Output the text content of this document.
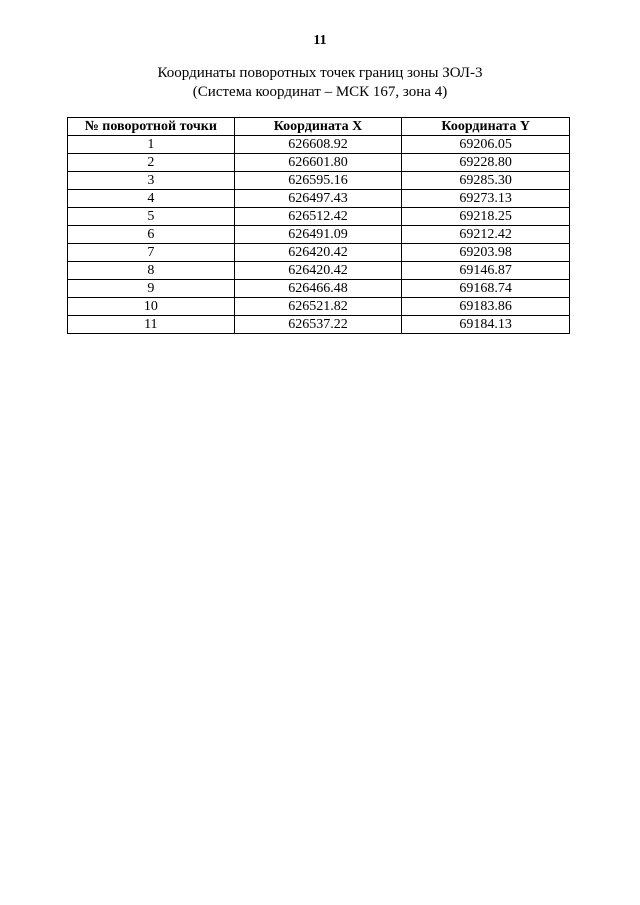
11
Координаты поворотных точек границ зоны ЗОЛ-3
(Система координат – МСК 167, зона 4)
№ поворотной точки	Координата X	Координата Y
1	626608.92	69206.05
2	626601.80	69228.80
3	626595.16	69285.30
4	626497.43	69273.13
5	626512.42	69218.25
6	626491.09	69212.42
7	626420.42	69203.98
8	626420.42	69146.87
9	626466.48	69168.74
10	626521.82	69183.86
11	626537.22	69184.13
